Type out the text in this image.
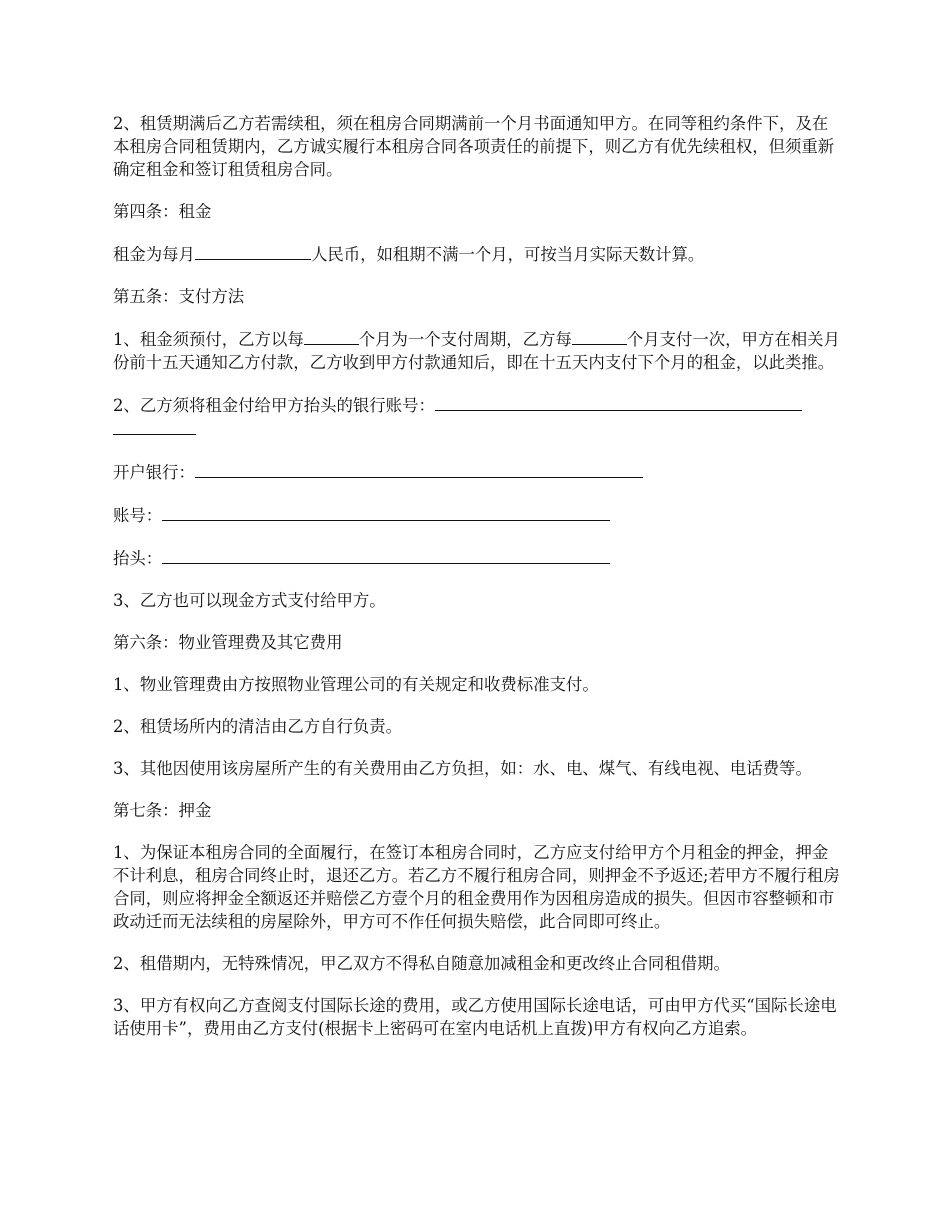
2、租赁期满后乙方若需续租，须在租房合同期满前一个月书面通知甲方。在同等租约条件下，及在本租房合同租赁期内，乙方诚实履行本租房合同各项责任的前提下，则乙方有优先续租权，但须重新确定租金和签订租赁租房合同。

第四条：租金

租金为每月	人民币，如租期不满一个月，可按当月实际天数计算。

第五条：支付方法

1、租金须预付，乙方以每	个月为一个支付周期，乙方每	个月支付一次，甲方在相关月份前十五天通知乙方付款，乙方收到甲方付款通知后，即在十五天内支付下个月的租金，以此类推。

2、乙方须将租金付给甲方抬头的银行账号：

开户银行：

账号：

抬头：

3、乙方也可以现金方式支付给甲方。

第六条：物业管理费及其它费用

1、物业管理费由方按照物业管理公司的有关规定和收费标准支付。

2、租赁场所内的清洁由乙方自行负责。

3、其他因使用该房屋所产生的有关费用由乙方负担，如：水、电、煤气、有线电视、电话费等。

第七条：押金

1、为保证本租房合同的全面履行，在签订本租房合同时，乙方应支付给甲方个月租金的押金，押金不计利息，租房合同终止时，退还乙方。若乙方不履行租房合同，则押金不予返还;若甲方不履行租房合同，则应将押金全额返还并赔偿乙方壹个月的租金费用作为因租房造成的损失。但因市容整顿和市政动迁而无法续租的房屋除外，甲方可不作任何损失赔偿，此合同即可终止。

2、租借期内，无特殊情况，甲乙双方不得私自随意加减租金和更改终止合同租借期。

3、甲方有权向乙方查阅支付国际长途的费用，或乙方使用国际长途电话，可由甲方代买“国际长途电话使用卡”，费用由乙方支付(根据卡上密码可在室内电话机上直拨)甲方有权向乙方追索。
